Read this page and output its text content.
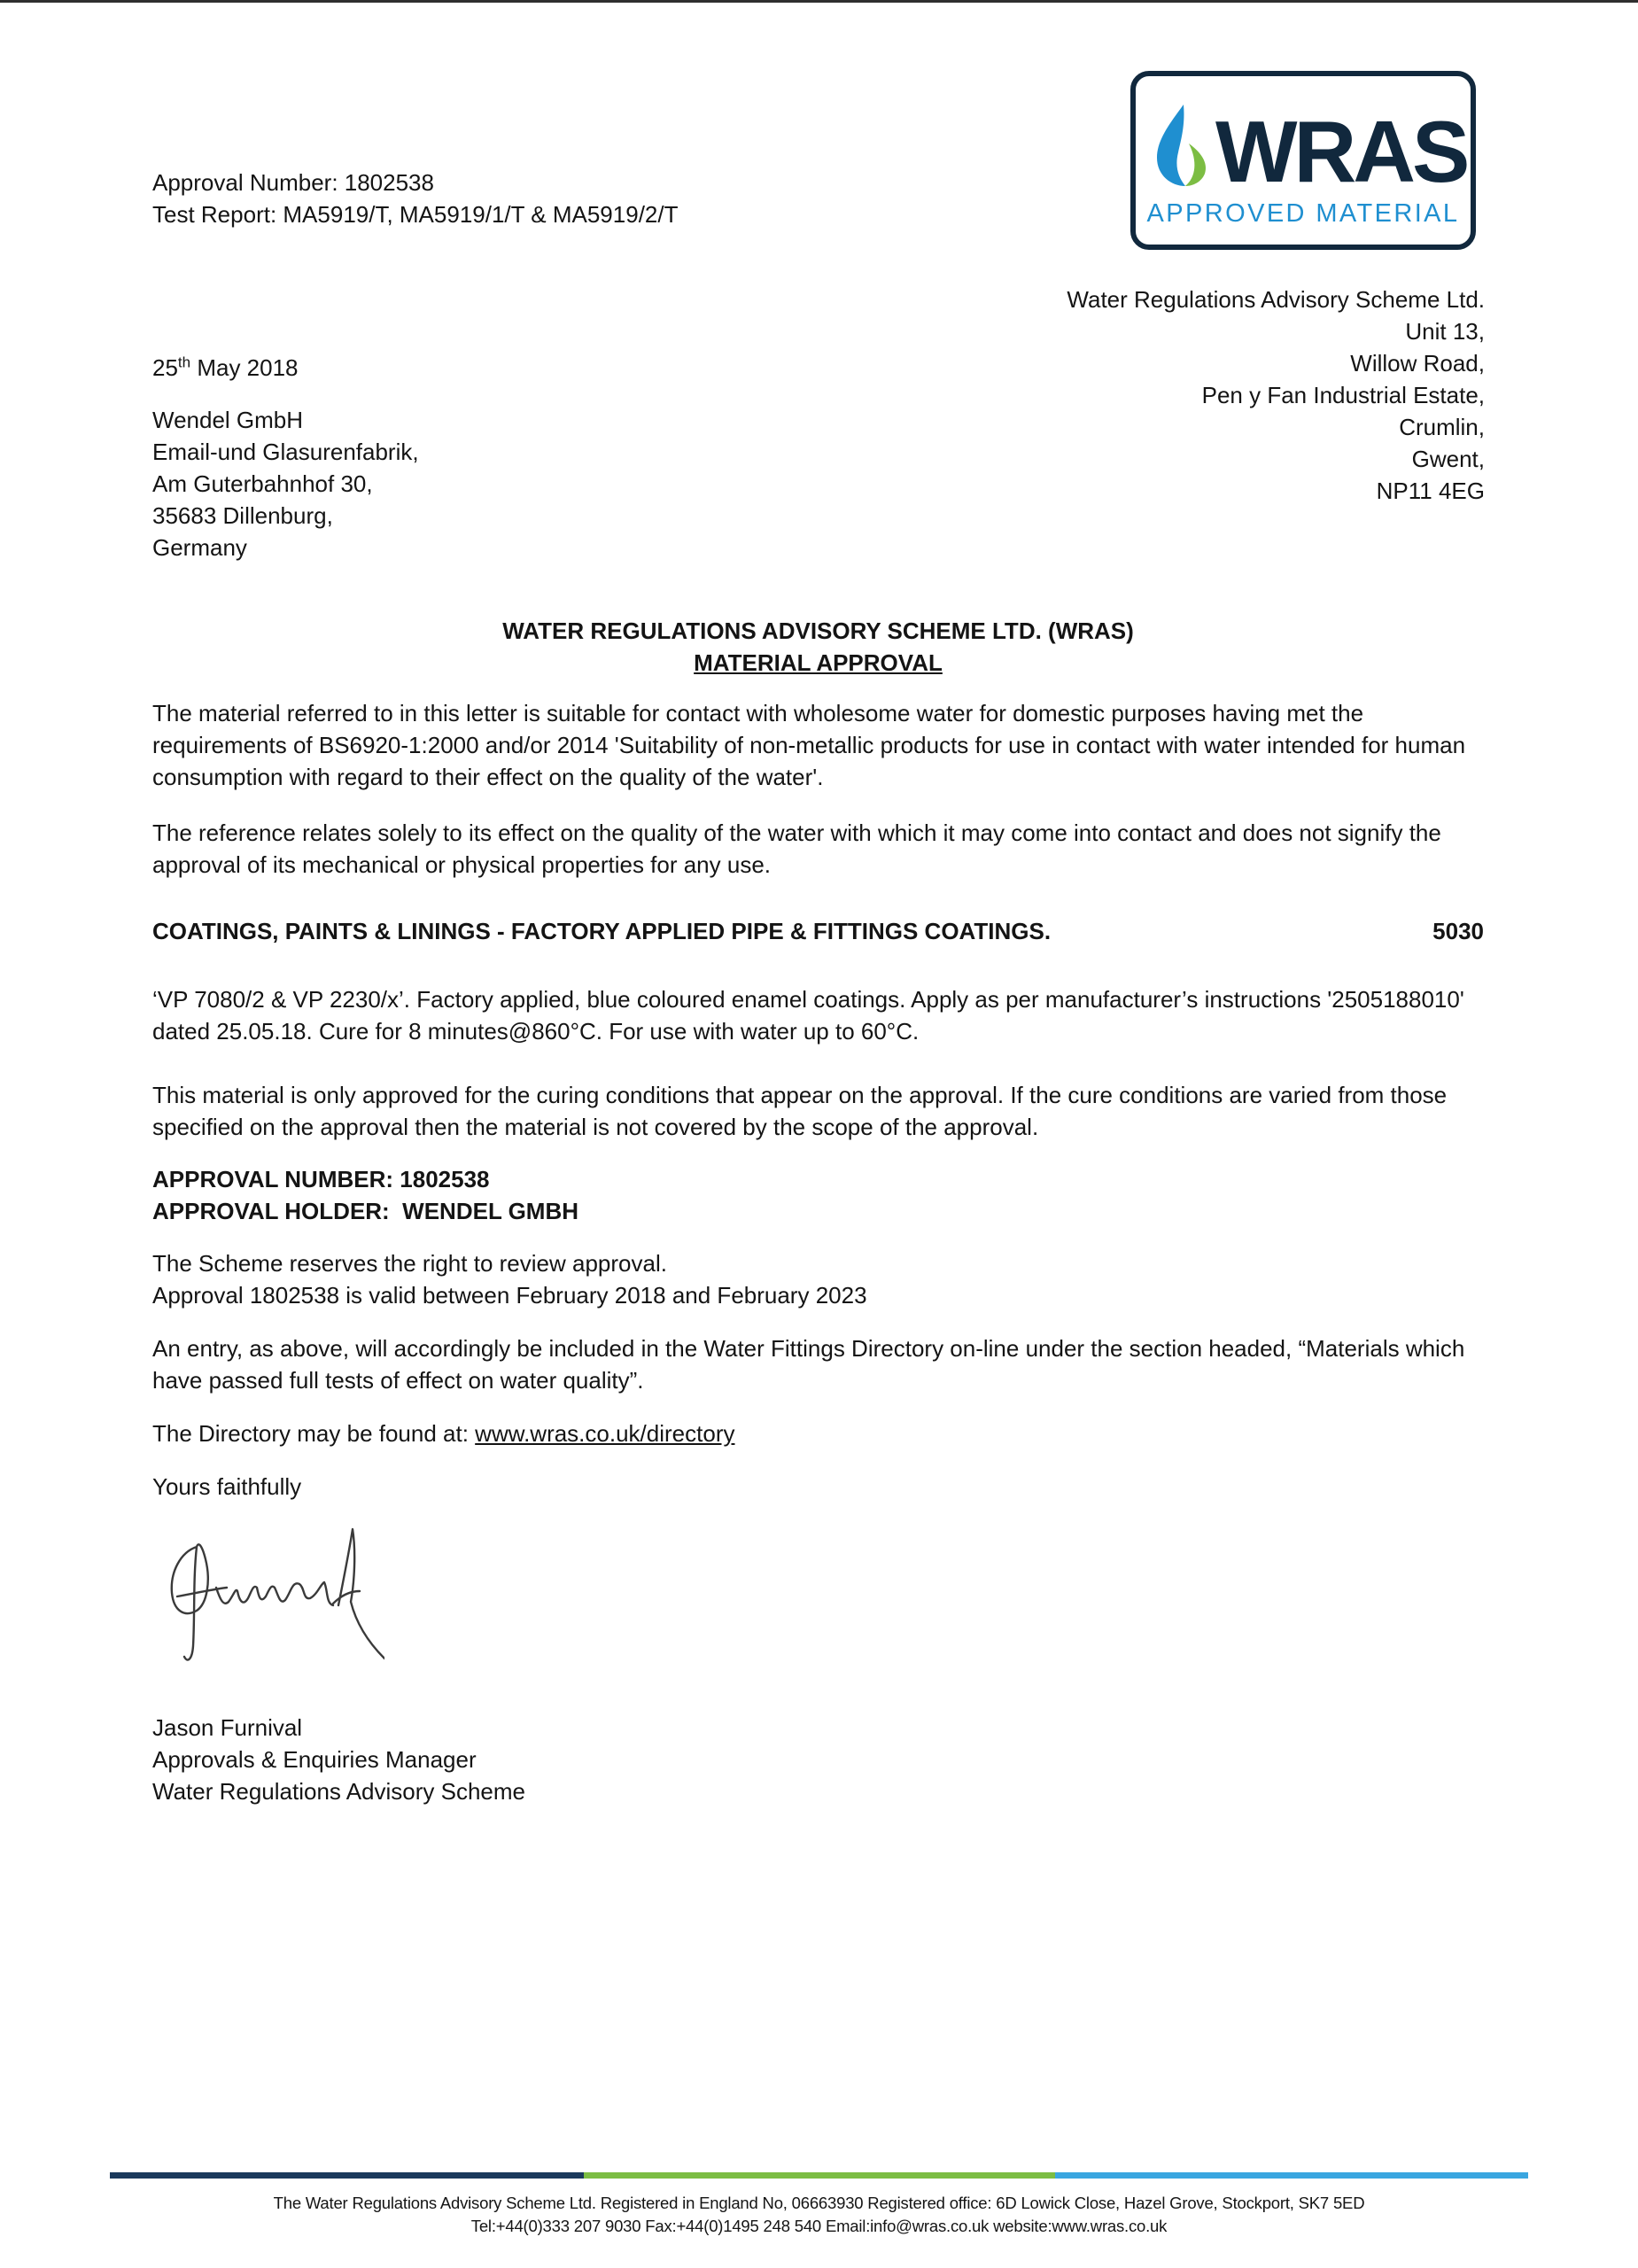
WRAS
APPROVED MATERIAL
Approval Number: 1802538
Test Report: MA5919/T, MA5919/1/T & MA5919/2/T
25th May 2018
Wendel GmbH
Email-und Glasurenfabrik,
Am Guterbahnhof 30,
35683 Dillenburg,
Germany
Water Regulations Advisory Scheme Ltd.
Unit 13,
Willow Road,
Pen y Fan Industrial Estate,
Crumlin,
Gwent,
NP11 4EG
WATER REGULATIONS ADVISORY SCHEME LTD. (WRAS)
MATERIAL APPROVAL
The material referred to in this letter is suitable for contact with wholesome water for domestic purposes having met the
requirements of BS6920-1:2000 and/or 2014 'Suitability of non-metallic products for use in contact with water intended for human
consumption with regard to their effect on the quality of the water'.
The reference relates solely to its effect on the quality of the water with which it may come into contact and does not signify the
approval of its mechanical or physical properties for any use.
COATINGS, PAINTS & LININGS - FACTORY APPLIED PIPE & FITTINGS COATINGS.	5030
‘VP 7080/2 & VP 2230/x’. Factory applied, blue coloured enamel coatings. Apply as per manufacturer’s instructions '2505188010'
dated 25.05.18. Cure for 8 minutes@860°C. For use with water up to 60°C.
This material is only approved for the curing conditions that appear on the approval. If the cure conditions are varied from those
specified on the approval then the material is not covered by the scope of the approval.
APPROVAL NUMBER: 1802538
APPROVAL HOLDER:  WENDEL GMBH
The Scheme reserves the right to review approval.
Approval 1802538 is valid between February 2018 and February 2023
An entry, as above, will accordingly be included in the Water Fittings Directory on-line under the section headed, “Materials which
have passed full tests of effect on water quality”.
The Directory may be found at: www.wras.co.uk/directory
Yours faithfully
Jason Furnival
Approvals & Enquiries Manager
Water Regulations Advisory Scheme
The Water Regulations Advisory Scheme Ltd. Registered in England No, 06663930 Registered office: 6D Lowick Close, Hazel Grove, Stockport, SK7 5ED
Tel:+44(0)333 207 9030 Fax:+44(0)1495 248 540 Email:info@wras.co.uk website:www.wras.co.uk
